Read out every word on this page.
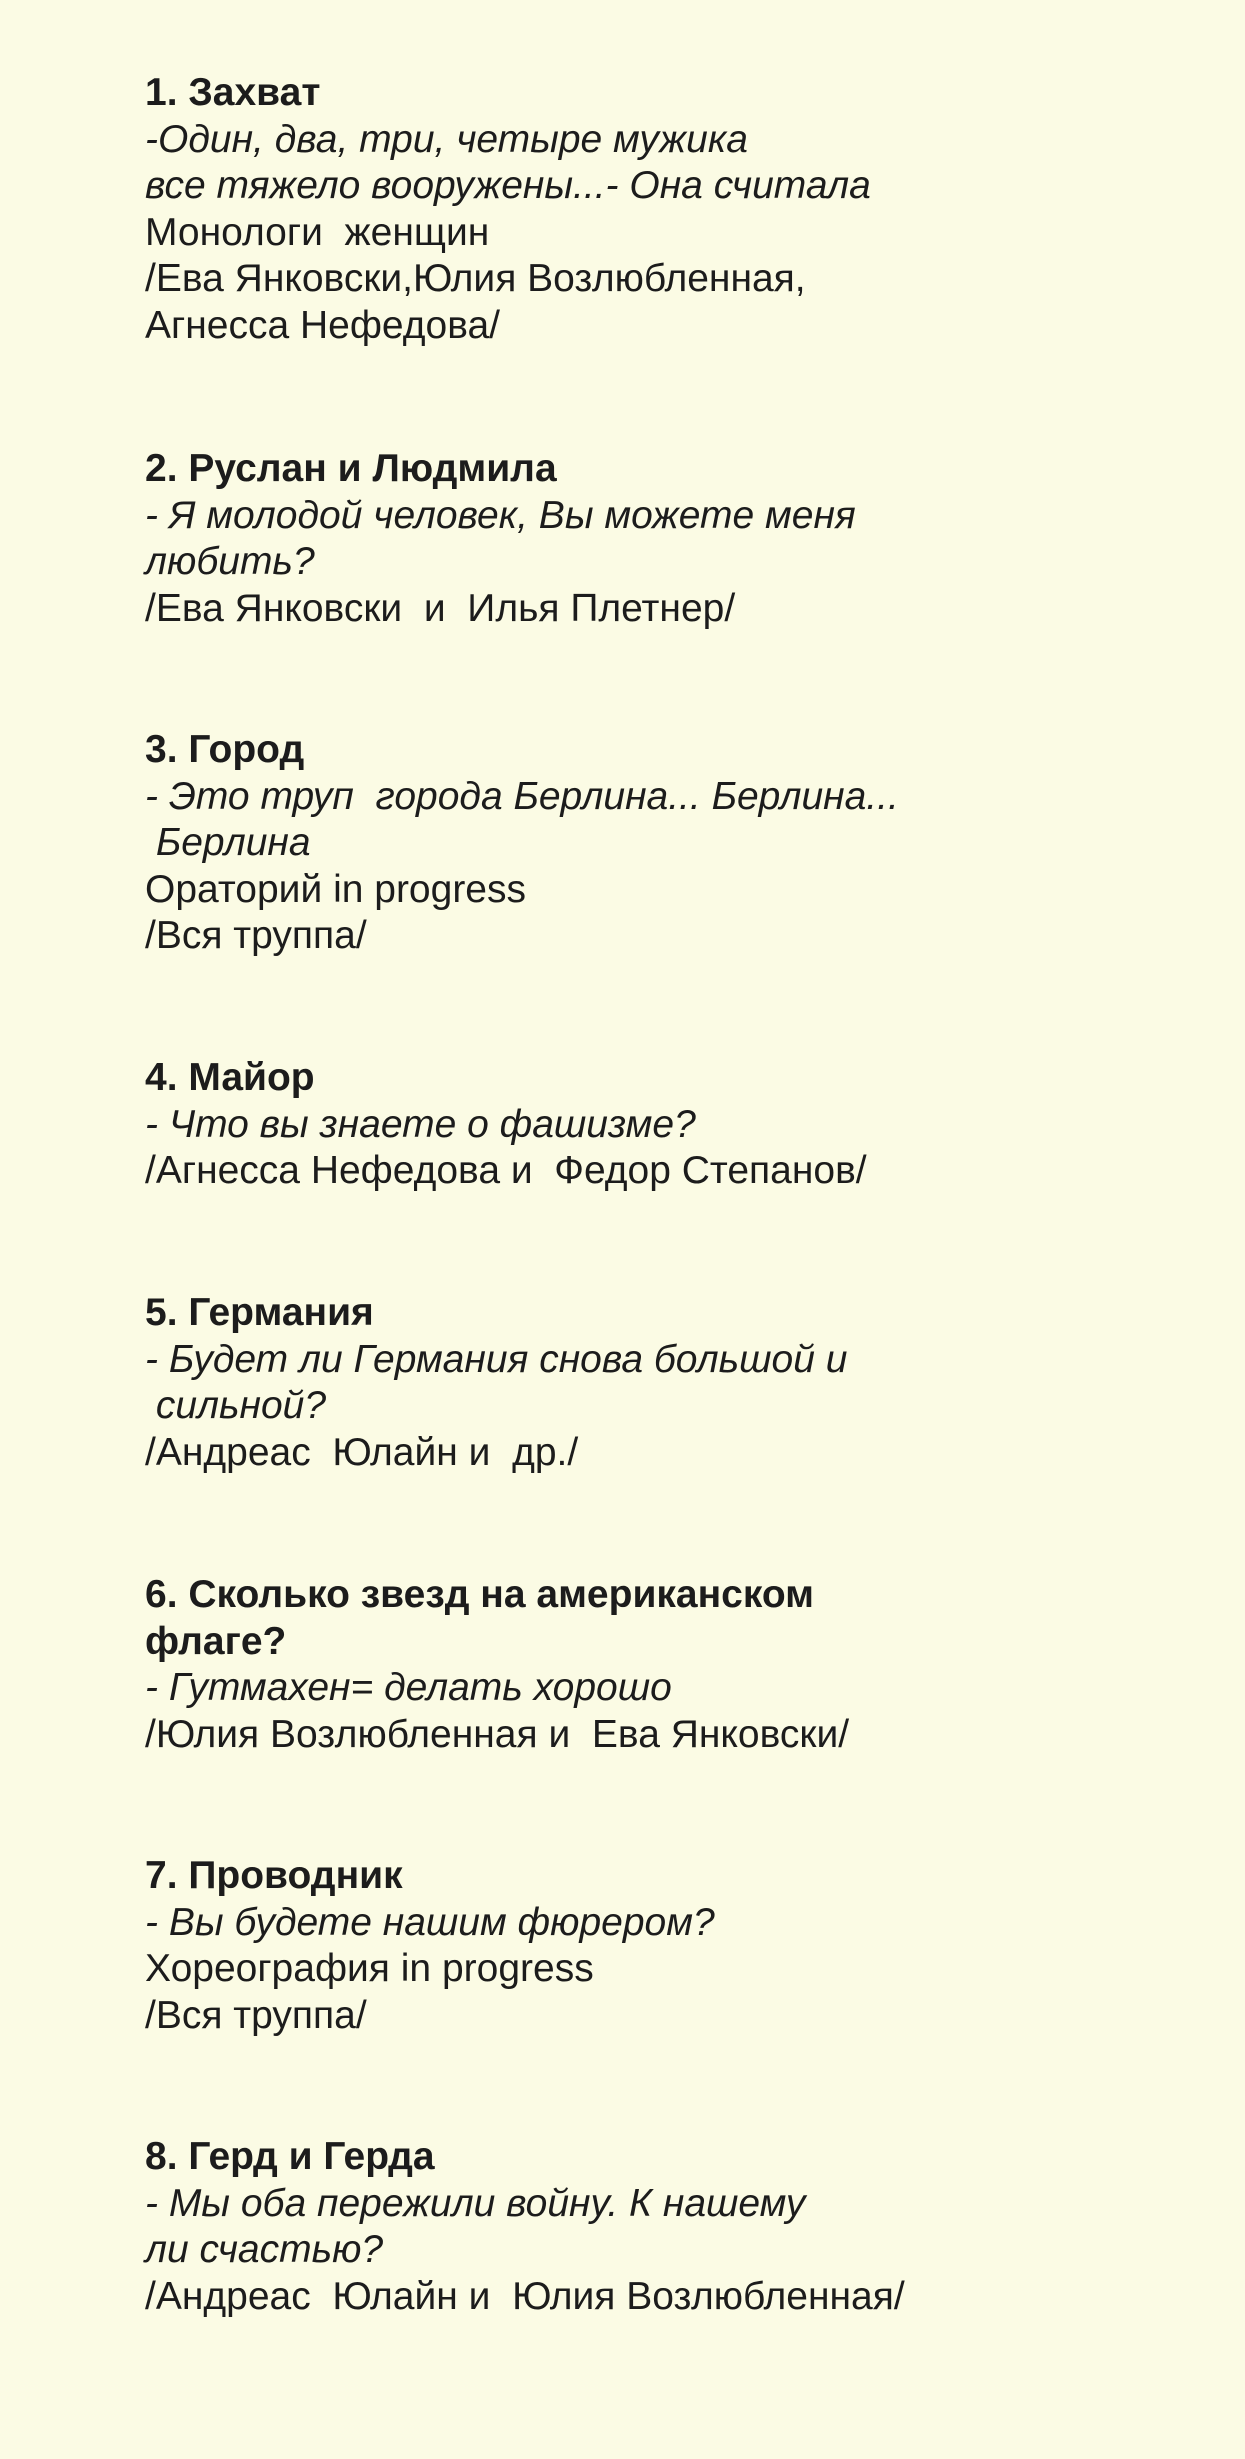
1. Захват
-Один, два, три, четыре мужика
все тяжело вооружены...- Она считала
Монологи  женщин
/Ева Янковски,Юлия Возлюбленная,
Агнесса Нефедова/
2. Руслан и Людмила
- Я молодой человек, Вы можете меня
любить?
/Ева Янковски  и  Илья Плетнер/
3. Город
- Это труп  города Берлина... Берлина...
Берлина
Ораторий in progress
/Вся труппа/
4. Майор
- Что вы знаете о фашизме?
/Агнесса Нефедова и  Федор Степанов/
5. Германия
- Будет ли Германия снова большой и
сильной?
/Андреас  Юлайн и  др./
6. Сколько звезд на американском
флаге?
- Гутмахен= делать хорошо
/Юлия Возлюбленная и  Ева Янковски/
7. Проводник
- Вы будете нашим фюрером?
Хореография in progress
/Вся труппа/
8. Герд и Герда
- Мы оба пережили войну. К нашему
ли счастью?
/Андреас  Юлайн и  Юлия Возлюбленная/
